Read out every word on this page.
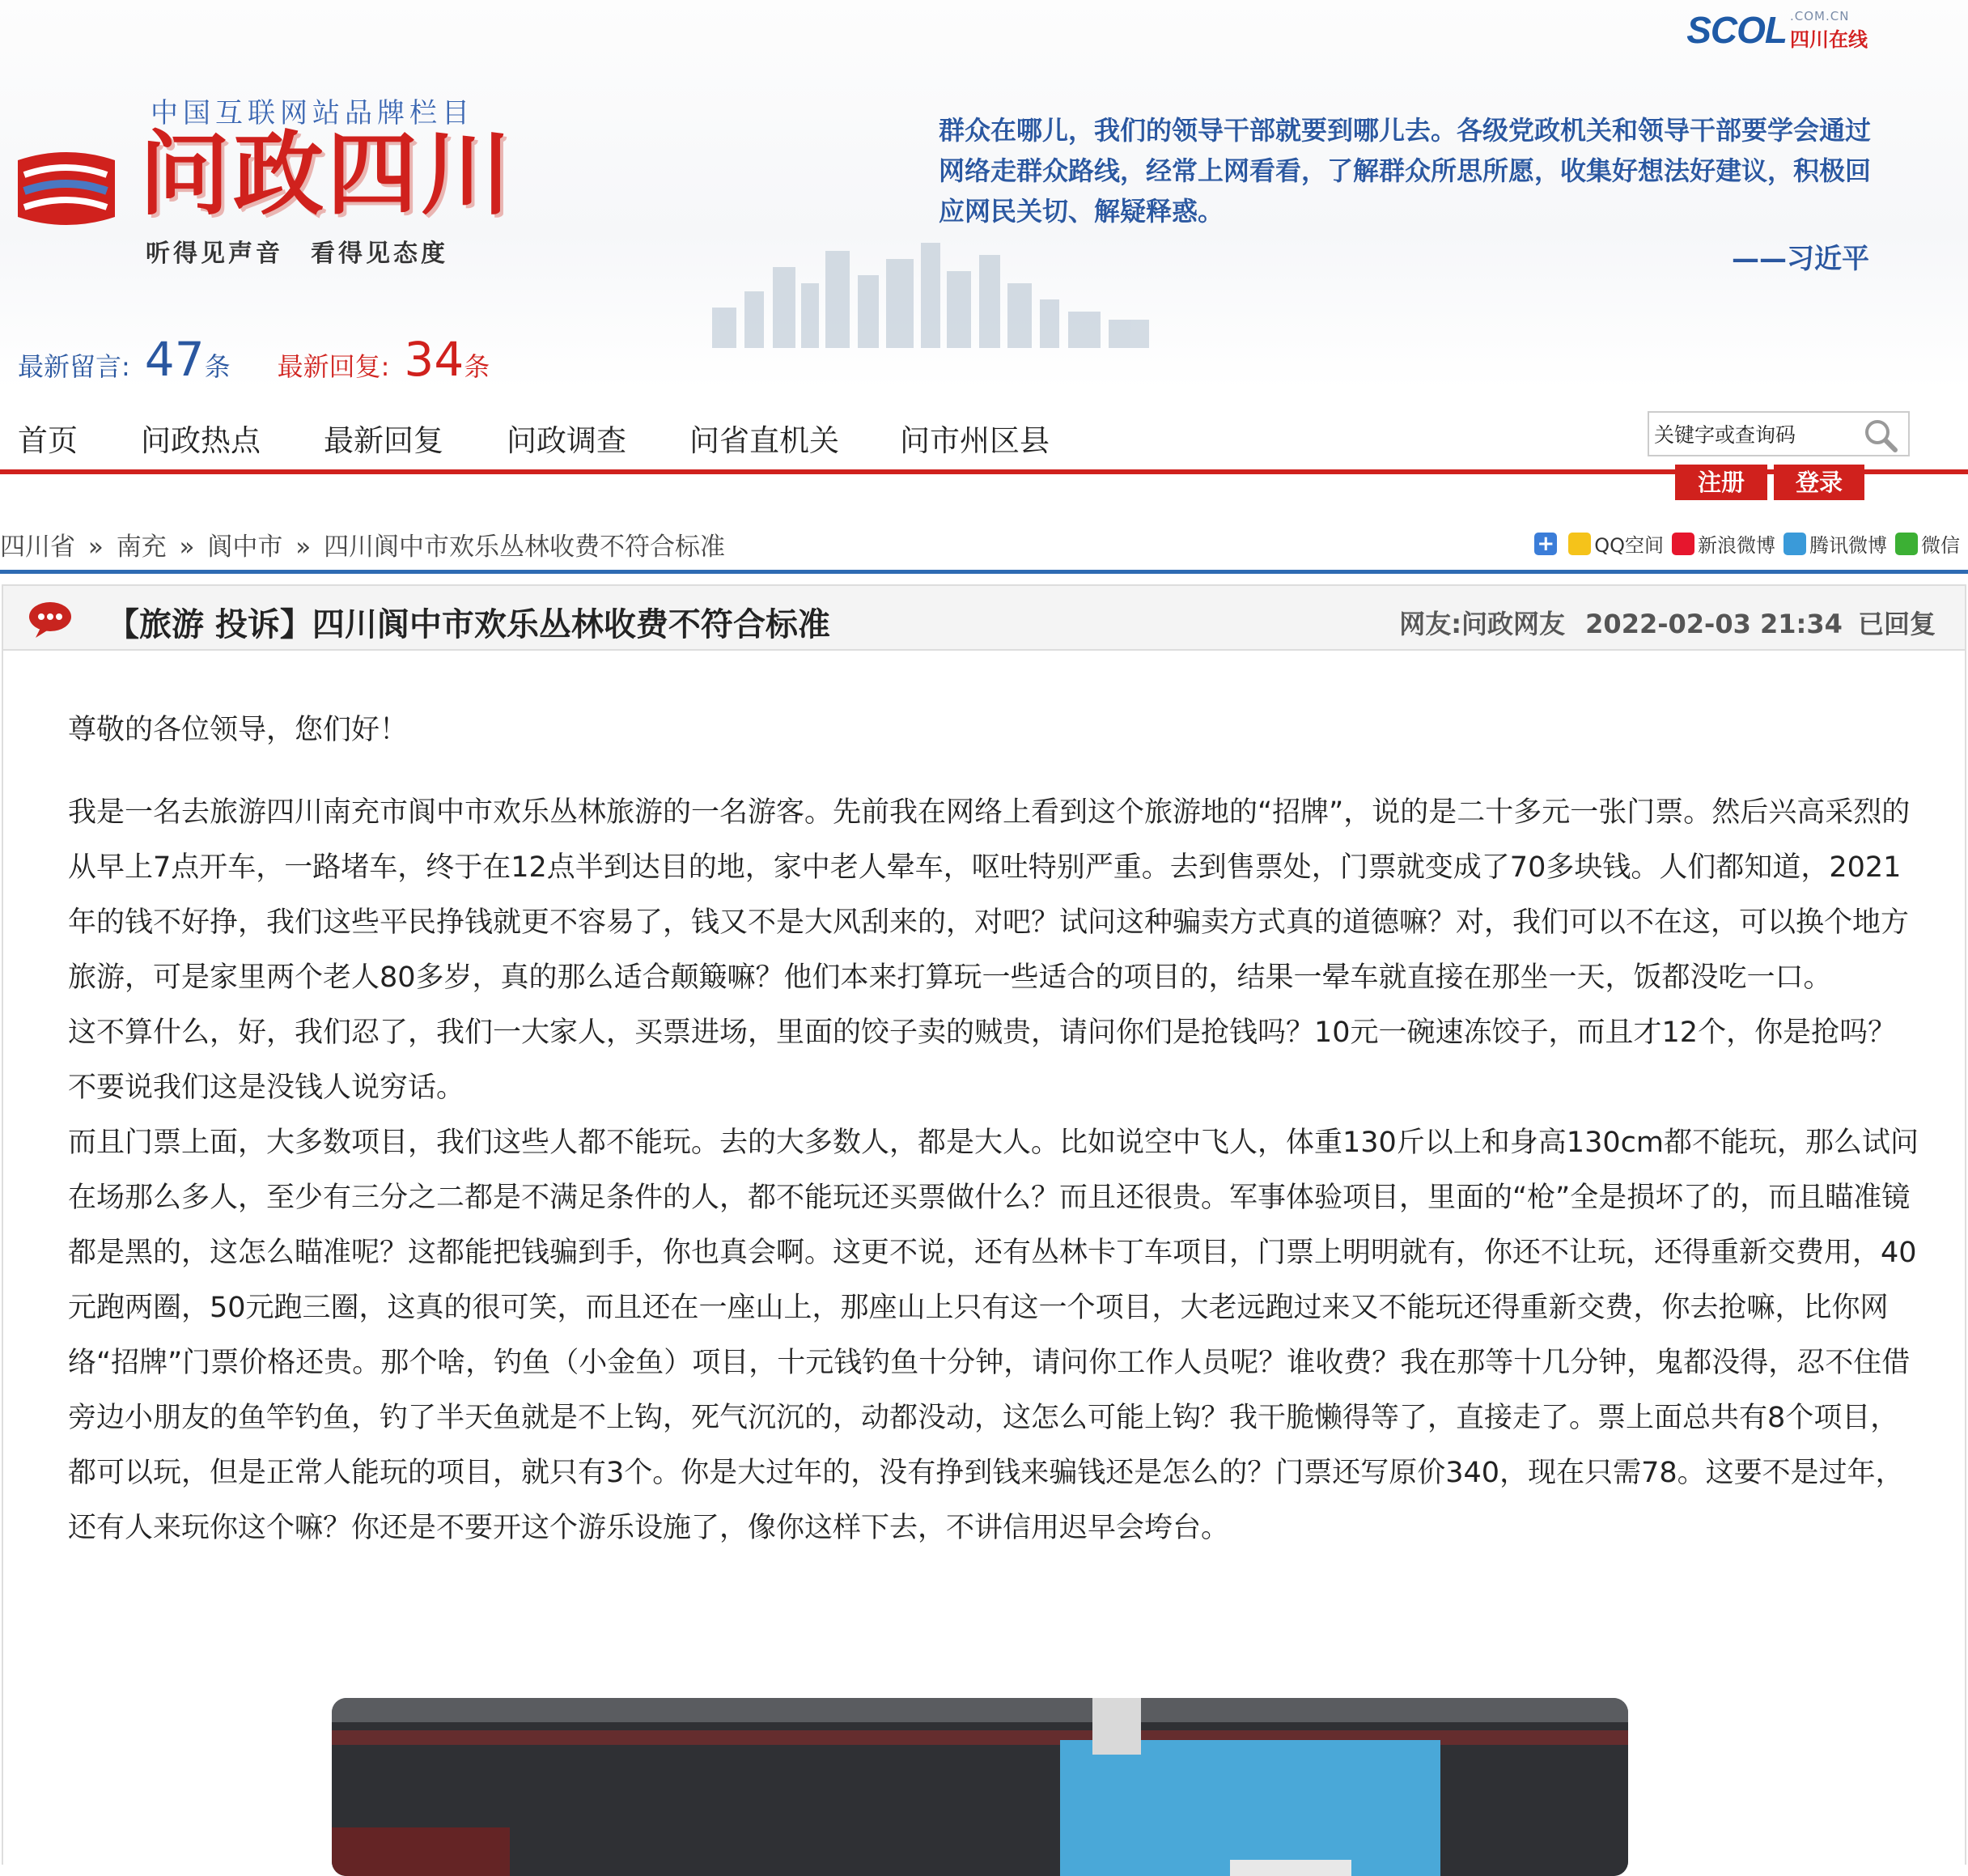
SCOL .COM.CN
四川在线
中国互联网站品牌栏目
问政四川
听得见声音　看得见态度
群众在哪儿，我们的领导干部就要到哪儿去。各级党政机关和领导干部要学会通过网络走群众路线，经常上网看看，了解群众所思所愿，收集好想法好建议，积极回应网民关切、解疑释惑。
——习近平
最新留言: 47 条 最新回复: 34 条
首页 问政热点 最新回复 问政调查 问省直机关 问市州区县
关键字或查询码
注册	登录
四川省 » 南充 » 阆中市 » 四川阆中市欢乐丛林收费不符合标准	+ QQ空间 新浪微博 腾讯微博 微信
【旅游 投诉】四川阆中市欢乐丛林收费不符合标准	网友:问政网友 2022-02-03 21:34 已回复

尊敬的各位领导，您们好！

我是一名去旅游四川南充市阆中市欢乐丛林旅游的一名游客。先前我在网络上看到这个旅游地的“招牌”，说的是二十多元一张门票。然后兴高采烈的从早上7点开车，一路堵车，终于在12点半到达目的地，家中老人晕车，呕吐特别严重。去到售票处，门票就变成了70多块钱。人们都知道，2021年的钱不好挣，我们这些平民挣钱就更不容易了，钱又不是大风刮来的，对吧？试问这种骗卖方式真的道德嘛？对，我们可以不在这，可以换个地方旅游，可是家里两个老人80多岁，真的那么适合颠簸嘛？他们本来打算玩一些适合的项目的，结果一晕车就直接在那坐一天，饭都没吃一口。

这不算什么，好，我们忍了，我们一大家人，买票进场，里面的饺子卖的贼贵，请问你们是抢钱吗？10元一碗速冻饺子，而且才12个，你是抢吗？不要说我们这是没钱人说穷话。

而且门票上面，大多数项目，我们这些人都不能玩。去的大多数人，都是大人。比如说空中飞人，体重130斤以上和身高130cm都不能玩，那么试问在场那么多人，至少有三分之二都是不满足条件的人，都不能玩还买票做什么？而且还很贵。军事体验项目，里面的“枪”全是损坏了的，而且瞄准镜都是黑的，这怎么瞄准呢？这都能把钱骗到手，你也真会啊。这更不说，还有丛林卡丁车项目，门票上明明就有，你还不让玩，还得重新交费用，40元跑两圈，50元跑三圈，这真的很可笑，而且还在一座山上，那座山上只有这一个项目，大老远跑过来又不能玩还得重新交费，你去抢嘛，比你网络“招牌”门票价格还贵。那个啥，钓鱼（小金鱼）项目，十元钱钓鱼十分钟，请问你工作人员呢？谁收费？我在那等十几分钟，鬼都没得，忍不住借旁边小朋友的鱼竿钓鱼，钓了半天鱼就是不上钩，死气沉沉的，动都没动，这怎么可能上钩？我干脆懒得等了，直接走了。票上面总共有8个项目，都可以玩，但是正常人能玩的项目，就只有3个。你是大过年的，没有挣到钱来骗钱还是怎么的？门票还写原价340，现在只需78。这要不是过年，还有人来玩你这个嘛？你还是不要开这个游乐设施了，像你这样下去，不讲信用迟早会垮台。
